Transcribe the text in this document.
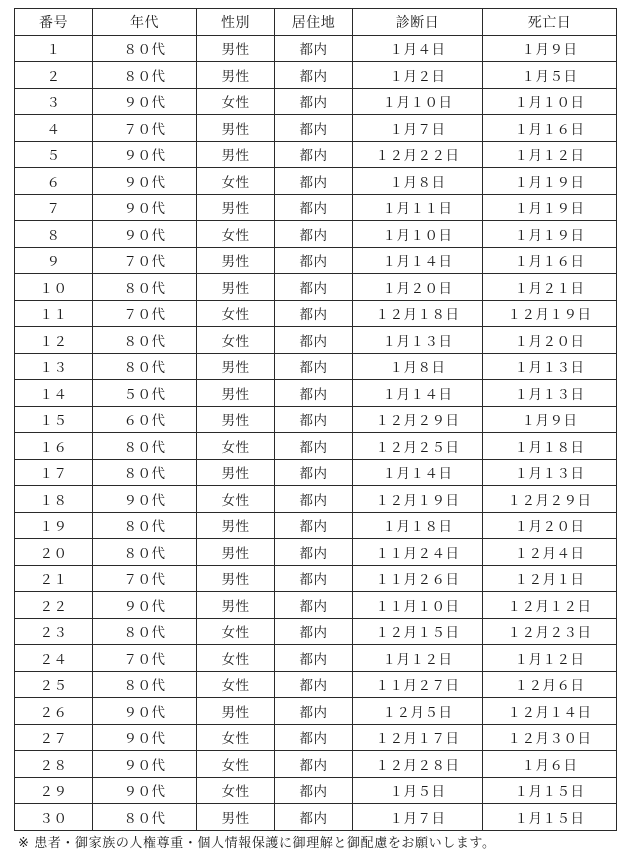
番号	年代	性別	居住地	診断日	死亡日
１	８０代	男性	都内	１月４日	１月９日
２	８０代	男性	都内	１月２日	１月５日
３	９０代	女性	都内	１月１０日	１月１０日
４	７０代	男性	都内	１月７日	１月１６日
５	９０代	男性	都内	１２月２２日	１月１２日
６	９０代	女性	都内	１月８日	１月１９日
７	９０代	男性	都内	１月１１日	１月１９日
８	９０代	女性	都内	１月１０日	１月１９日
９	７０代	男性	都内	１月１４日	１月１６日
１０	８０代	男性	都内	１月２０日	１月２１日
１１	７０代	女性	都内	１２月１８日	１２月１９日
１２	８０代	女性	都内	１月１３日	１月２０日
１３	８０代	男性	都内	１月８日	１月１３日
１４	５０代	男性	都内	１月１４日	１月１３日
１５	６０代	男性	都内	１２月２９日	１月９日
１６	８０代	女性	都内	１２月２５日	１月１８日
１７	８０代	男性	都内	１月１４日	１月１３日
１８	９０代	女性	都内	１２月１９日	１２月２９日
１９	８０代	男性	都内	１月１８日	１月２０日
２０	８０代	男性	都内	１１月２４日	１２月４日
２１	７０代	男性	都内	１１月２６日	１２月１日
２２	９０代	男性	都内	１１月１０日	１２月１２日
２３	８０代	女性	都内	１２月１５日	１２月２３日
２４	７０代	女性	都内	１月１２日	１月１２日
２５	８０代	女性	都内	１１月２７日	１２月６日
２６	９０代	男性	都内	１２月５日	１２月１４日
２７	９０代	女性	都内	１２月１７日	１２月３０日
２８	９０代	女性	都内	１２月２８日	１月６日
２９	９０代	女性	都内	１月５日	１月１５日
３０	８０代	男性	都内	１月７日	１月１５日
※ 患者・御家族の人権尊重・個人情報保護に御理解と御配慮をお願いします。
